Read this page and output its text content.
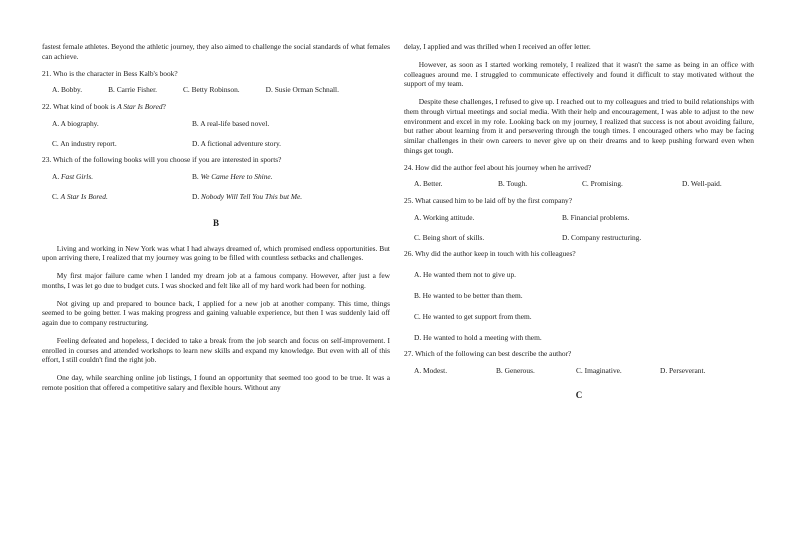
fastest female athletes. Beyond the athletic journey, they also aimed to challenge the social standards of what females can achieve.

21. Who is the character in Bess Kalb's book?

A. Bobby.	B. Carrie Fisher.	C. Betty Robinson.	D. Susie Orman Schnall.

22. What kind of book is A Star Is Bored?

A. A biography.	B. A real-life based novel.
C. An industry report.	D. A fictional adventure story.

23. Which of the following books will you choose if you are interested in sports?

A. Fast Girls.	B. We Came Here to Shine.
C. A Star Is Bored.	D. Nobody Will Tell You This but Me.
B

Living and working in New York was what I had always dreamed of, which promised endless opportunities. But upon arriving there, I realized that my journey was going to be filled with countless setbacks and challenges.

My first major failure came when I landed my dream job at a famous company. However, after just a few months, I was let go due to budget cuts. I was shocked and felt like all of my hard work had been for nothing.

Not giving up and prepared to bounce back, I applied for a new job at another company. This time, things seemed to be going better. I was making progress and gaining valuable experience, but then I was suddenly laid off again due to company restructuring.

Feeling defeated and hopeless, I decided to take a break from the job search and focus on self-improvement. I enrolled in courses and attended workshops to learn new skills and expand my knowledge. But even with all of this effort, I still couldn't find the right job.

One day, while searching online job listings, I found an opportunity that seemed too good to be true. It was a remote position that offered a competitive salary and flexible hours. Without any

delay, I applied and was thrilled when I received an offer letter.

However, as soon as I started working remotely, I realized that it wasn't the same as being in an office with colleagues around me. I struggled to communicate effectively and found it difficult to stay motivated without the support of my team.

Despite these challenges, I refused to give up. I reached out to my colleagues and tried to build relationships with them through virtual meetings and social media. With their help and encouragement, I was able to adjust to the new environment and excel in my role. Looking back on my journey, I realized that success is not about avoiding failure, but rather about learning from it and persevering through the tough times. I encouraged others who may be facing similar challenges in their own careers to never give up on their dreams and to keep pushing forward even when things get tough.

24. How did the author feel about his journey when he arrived?

A. Better.	B. Tough.	C. Promising.	D. Well-paid.

25. What caused him to be laid off by the first company?

A. Working attitude.	B. Financial problems.
C. Being short of skills.	D. Company restructuring.

26. Why did the author keep in touch with his colleagues?

A. He wanted them not to give up.
B. He wanted to be better than them.
C. He wanted to get support from them.
D. He wanted to hold a meeting with them.

27. Which of the following can best describe the author?

A. Modest.	B. Generous.	C. Imaginative.	D. Perseverant.
C
